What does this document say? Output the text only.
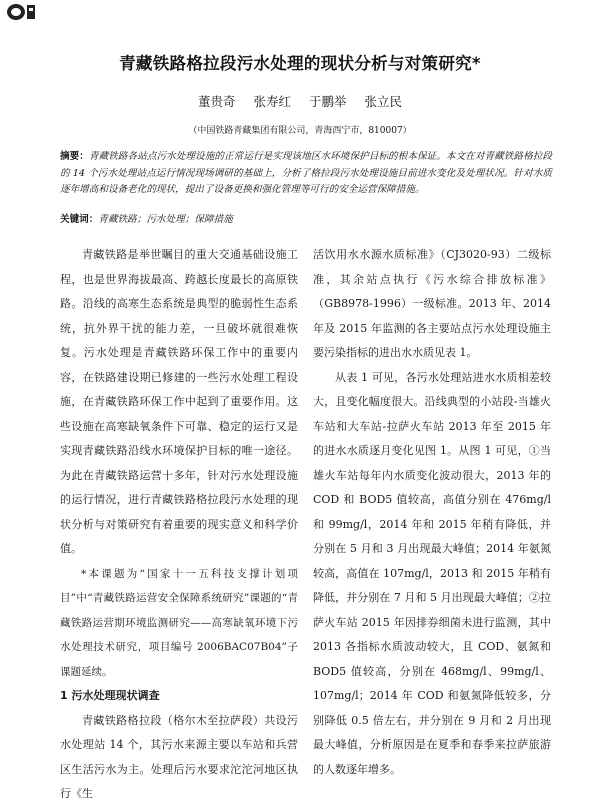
青藏铁路格拉段污水处理的现状分析与对策研究*
董贵奇 张寿红 于鹏举 张立民
（中国铁路青藏集团有限公司，青海西宁市，810007）
摘要：青藏铁路各站点污水处理设施的正常运行是实现该地区水环境保护目标的根本保证。本文在对青藏铁路格拉段的 14 个污水处理站点运行情况现场调研的基础上，分析了格拉段污水处理设施目前进水变化及处理状况。针对水质逐年增高和设备老化的现状，提出了设备更换和强化管理等可行的安全运营保障措施。
关键词：青藏铁路；污水处理；保障措施

青藏铁路是举世瞩目的重大交通基础设施工程，也是世界海拔最高、跨越长度最长的高原铁路。沿线的高寒生态系统是典型的脆弱性生态系统，抗外界干扰的能力差，一旦破坏就很难恢复。污水处理是青藏铁路环保工作中的重要内容，在铁路建设期已修建的一些污水处理工程设施，在青藏铁路环保工作中起到了重要作用。这些设施在高寒缺氧条件下可靠、稳定的运行又是实现青藏铁路沿线水环境保护目标的唯一途径。为此在青藏铁路运营十多年，针对污水处理设施的运行情况，进行青藏铁路格拉段污水处理的现状分析与对策研究有着重要的现实意义和科学价值。

*本课题为“国家十一五科技支撑计划项目”中“青藏铁路运营安全保障系统研究”课题的“青藏铁路运营期环境监测研究——高寒缺氧环境下污水处理技术研究，项目编号 2006BAC07B04”子课题延续。

1 污水处理现状调查

青藏铁路格拉段（格尔木至拉萨段）共设污水处理站 14 个，其污水来源主要以车站和兵营区生活污水为主。处理后污水要求沱沱河地区执行《生

活饮用水水源水质标准》（CJ3020-93）二级标准，其余站点执行《污水综合排放标准》（GB8978-1996）一级标准。2013 年、2014 年及 2015 年监测的各主要站点污水处理设施主要污染指标的进出水水质见表 1。

从表 1 可见，各污水处理站进水水质相差较大，且变化幅度很大。沿线典型的小站段-当雄火车站和大车站-拉萨火车站 2013 年至 2015 年的进水水质逐月变化见图 1。从图 1 可见，①当雄火车站每年内水质变化波动很大，2013 年的 COD 和 BOD5 值较高，高值分别在 476mg/l 和 99mg/l，2014 年和 2015 年稍有降低，并分别在 5 月和 3 月出现最大峰值；2014 年氨氮较高，高值在 107mg/l，2013 和 2015 年稍有降低，并分别在 7 月和 5 月出现最大峰值；②拉萨火车站 2015 年因排券细菌未进行监测，其中 2013 各指标水质波动较大，且 COD、氨氮和 BOD5 值较高，分别在 468mg/l、99mg/l、107mg/l；2014 年 COD 和氨氮降低较多，分别降低 0.5 倍左右，并分别在 9 月和 2 月出现最大峰值，分析原因是在夏季和春季来拉萨旅游的人数逐年增多。
